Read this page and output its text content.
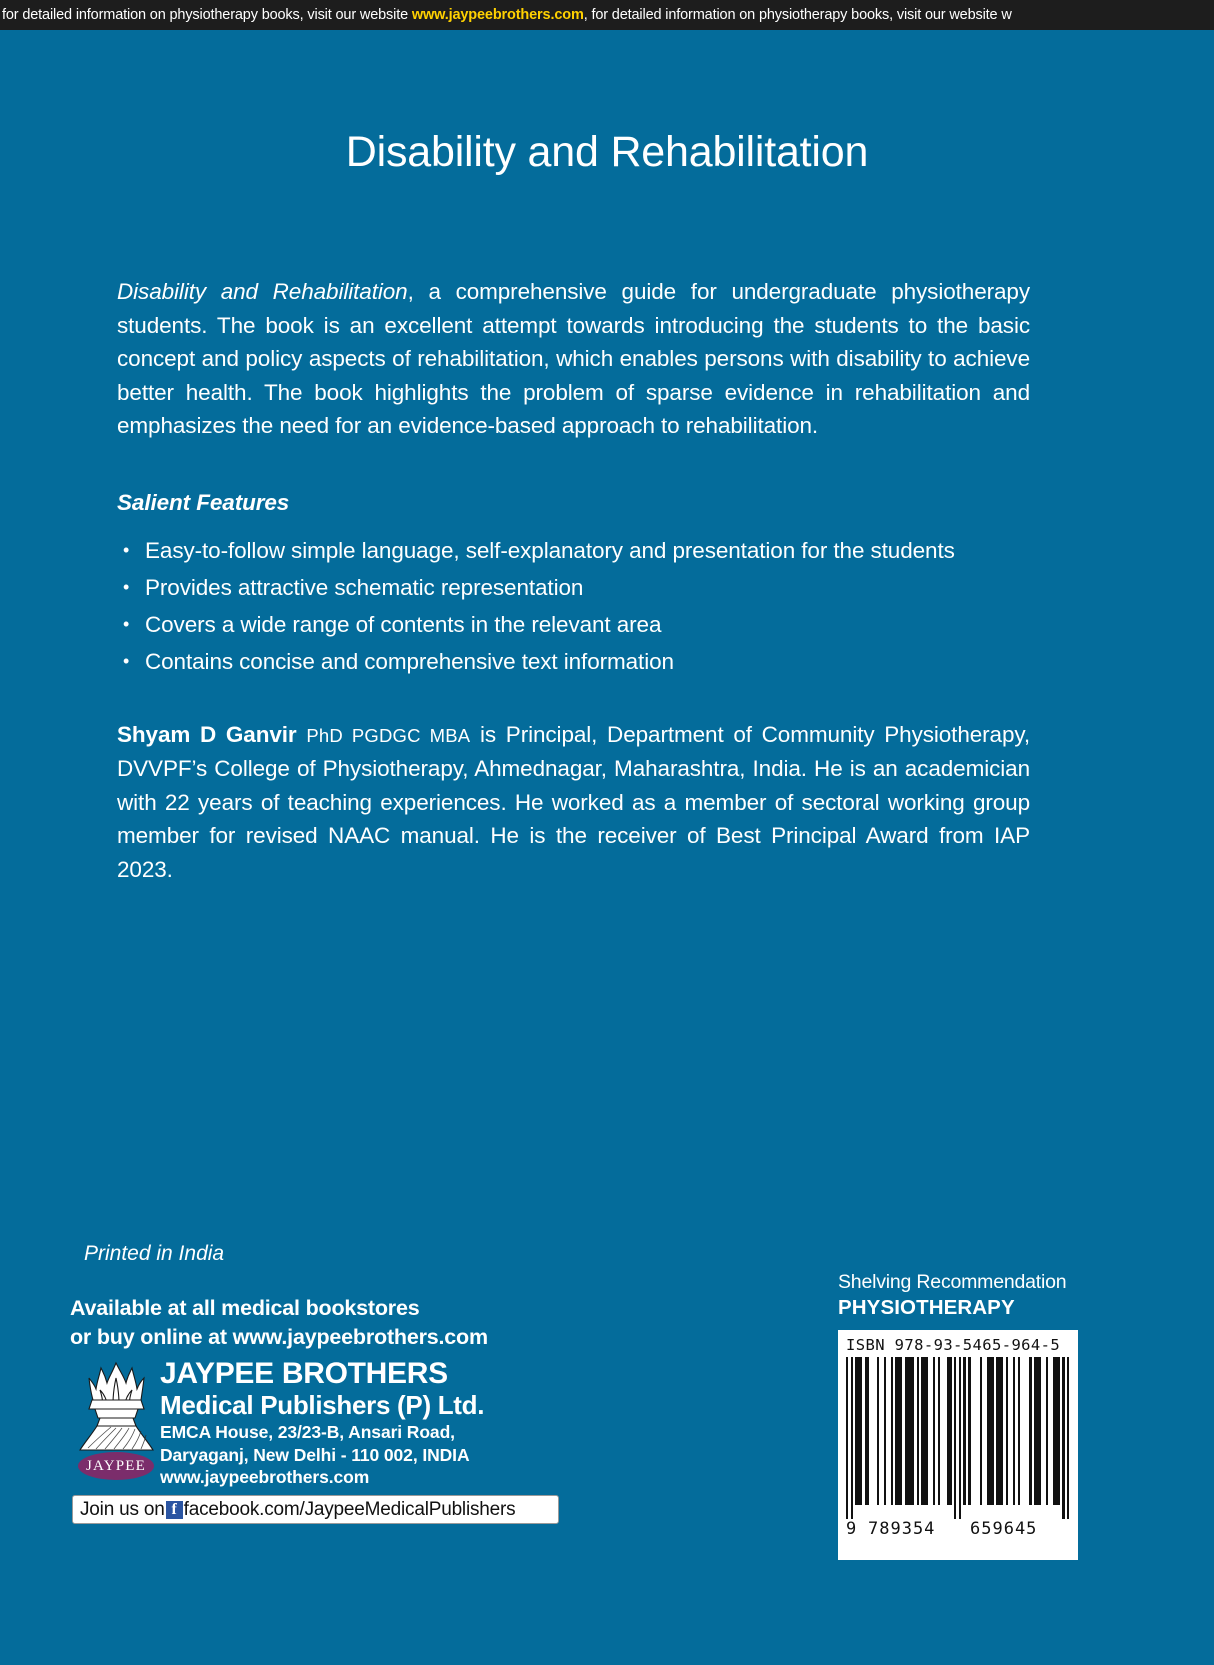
for detailed information on physiotherapy books, visit our website www.jaypeebrothers.com, for detailed information on physiotherapy books, visit our website w
Disability and Rehabilitation

Disability and Rehabilitation, a comprehensive guide for undergraduate physiotherapy students. The book is an excellent attempt towards introducing the students to the basic concept and policy aspects of rehabilitation, which enables persons with disability to achieve better health. The book highlights the problem of sparse evidence in rehabilitation and emphasizes the need for an evidence-based approach to rehabilitation.

Salient Features
• Easy-to-follow simple language, self-explanatory and presentation for the students
• Provides attractive schematic representation
• Covers a wide range of contents in the relevant area
• Contains concise and comprehensive text information

Shyam D Ganvir PhD PGDGC MBA is Principal, Department of Community Physiotherapy, DVVPF’s College of Physiotherapy, Ahmednagar, Maharashtra, India. He is an academician with 22 years of teaching experiences. He worked as a member of sectoral working group member for revised NAAC manual. He is the receiver of Best Principal Award from IAP 2023.

Printed in India
Available at all medical bookstores
or buy online at www.jaypeebrothers.com
JAYPEE
JAYPEE BROTHERS
Medical Publishers (P) Ltd.
EMCA House, 23/23-B, Ansari Road,
Daryaganj, New Delhi - 110 002, INDIA
www.jaypeebrothers.com
Join us on f facebook.com/JaypeeMedicalPublishers
Shelving Recommendation
PHYSIOTHERAPY
ISBN 978-93-5465-964-5
9 789354 659645
